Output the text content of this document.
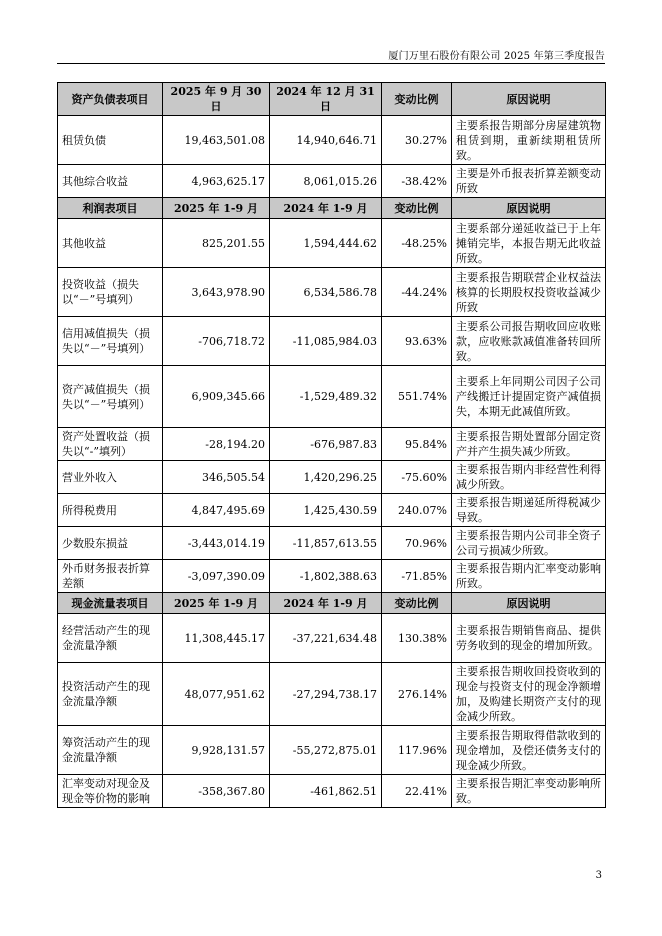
厦门万里石股份有限公司 2025 年第三季度报告
资产负债表项目	2025 年 9 月 30 日	2024 年 12 月 31 日	变动比例	原因说明
租赁负债	19,463,501.08	14,940,646.71	30.27%	主要系报告期部分房屋建筑物租赁到期，重新续期租赁所致。
其他综合收益	4,963,625.17	8,061,015.26	-38.42%	主要是外币报表折算差额变动所致
利润表项目	2025 年 1-9 月	2024 年 1-9 月	变动比例	原因说明
其他收益	825,201.55	1,594,444.62	-48.25%	主要系部分递延收益已于上年摊销完毕，本报告期无此收益所致。
投资收益（损失以“－”号填列）	3,643,978.90	6,534,586.78	-44.24%	主要系报告期联营企业权益法核算的长期股权投资收益减少所致
信用减值损失（损失以“－”号填列）	-706,718.72	-11,085,984.03	93.63%	主要系公司报告期收回应收账款，应收账款减值准备转回所致。
资产减值损失（损失以“－”号填列）	6,909,345.66	-1,529,489.32	551.74%	主要系上年同期公司因子公司产线搬迁计提固定资产减值损失，本期无此减值所致。
资产处置收益（损失以“-”填列）	-28,194.20	-676,987.83	95.84%	主要系报告期处置部分固定资产并产生损失减少所致。
营业外收入	346,505.54	1,420,296.25	-75.60%	主要系报告期内非经营性利得减少所致。
所得税费用	4,847,495.69	1,425,430.59	240.07%	主要系报告期递延所得税减少导致。
少数股东损益	-3,443,014.19	-11,857,613.55	70.96%	主要系报告期内公司非全资子公司亏损减少所致。
外币财务报表折算差额	-3,097,390.09	-1,802,388.63	-71.85%	主要系报告期内汇率变动影响所致。
现金流量表项目	2025 年 1-9 月	2024 年 1-9 月	变动比例	原因说明
经营活动产生的现金流量净额	11,308,445.17	-37,221,634.48	130.38%	主要系报告期销售商品、提供劳务收到的现金的增加所致。
投资活动产生的现金流量净额	48,077,951.62	-27,294,738.17	276.14%	主要系报告期收回投资收到的现金与投资支付的现金净额增加，及购建长期资产支付的现金减少所致。
筹资活动产生的现金流量净额	9,928,131.57	-55,272,875.01	117.96%	主要系报告期取得借款收到的现金增加，及偿还债务支付的现金减少所致。
汇率变动对现金及现金等价物的影响	-358,367.80	-461,862.51	22.41%	主要系报告期汇率变动影响所致。
3
